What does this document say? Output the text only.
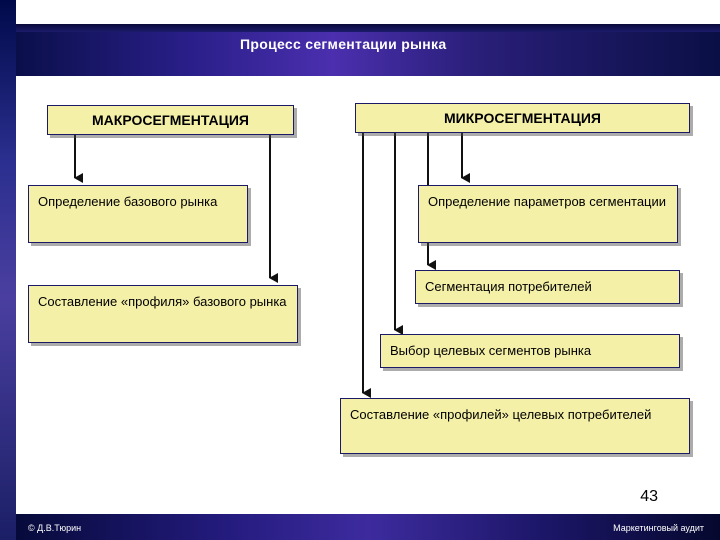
Процесс сегментации рынка
МАКРОСЕГМЕНТАЦИЯ
Определение базового рынка
Составление «профиля» базового рынка
МИКРОСЕГМЕНТАЦИЯ
Определение параметров сегментации
Сегментация потребителей
Выбор целевых сегментов рынка
Составление «профилей» целевых потребителей
43
© Д.В.Тюрин	Маркетинговый аудит
